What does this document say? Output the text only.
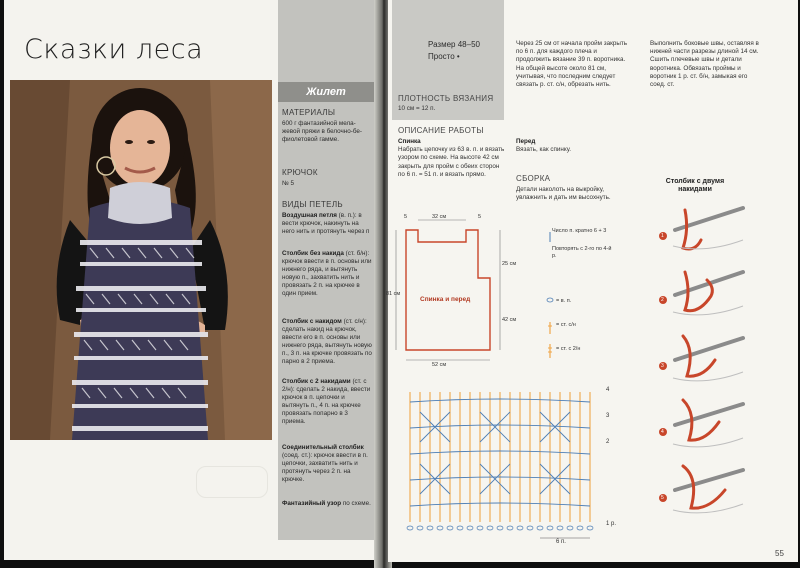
Сказки леса
Жилет
МАТЕРИАЛЫ
600 г фантазийной мела-жевой пряжи в белочно-бе-фиолетовой гамме.
КРЮЧОК
№ 5
ВИДЫ ПЕТЕЛЬ
Воздушная петля (в. п.): в вести крючок, накинуть на него нить и протянуть через п
Столбик без накида (ст. б/н): крючок ввести в п. основы или нижнего ряда, и вытянуть новую п., захватить нить и провязать 2 п. на крючке в один прием.
Столбик с накидом (ст. с/н): сделать накид на крючок, ввести его в п. основы или нижнего ряда, вытянуть новую п., 3 п. на крючке провязать по парно в 2 приема.
Столбик с 2 накидами (ст. с 2/н): сделать 2 накида, ввести крючок в п. цепочки и вытянуть п., 4 п. на крючке провязать попарно в 3 приема.
Соединительный столбик (соед. ст.): крючок ввести в п. цепочки, захватить нить и протянуть через 2 п. на крючке.
Фантазийный узор по схеме.
Размер 48–50
Просто •
ПЛОТНОСТЬ ВЯЗАНИЯ
10 см = 12 п.
ОПИСАНИЕ РАБОТЫ
Спинка
Набрать цепочку из 63 в. п. и вязать узором по схеме. На высоте 42 см закрыть для пройм с обеих сторон по 6 п. = 51 п. и вязать прямо.
Через 25 см от начала пройм закрыть по 6 п. для каждого плеча и продолжить вязание 39 п. воротника. На общей высоте около 81 см, учитывая, что последним следует связать р. ст. с/н, обрезать нить.
Перед
Вязать, как спинку.
СБОРКА
Детали наколоть на выкройку, увлажнить и дать им высохнуть.
Выполнить боковые швы, оставляя в нижней части разрезы длиной 14 см. Сшить плечевые швы и детали воротника. Обвязать проймы и воротник 1 р. ст. б/н, замыкая его соед. ст.
32 см
5	5
52 см
25 см
42 см
81 см
Спинка и перед
Число п. кратно 6 + 3
Повторять с 2-го по 4-й р.
= в. п.
= ст. с/н
= ст. с 2/н
4
3
2
1 р.
6 п.
Столбик с двумя накидами
1
2
3
4
5
55
